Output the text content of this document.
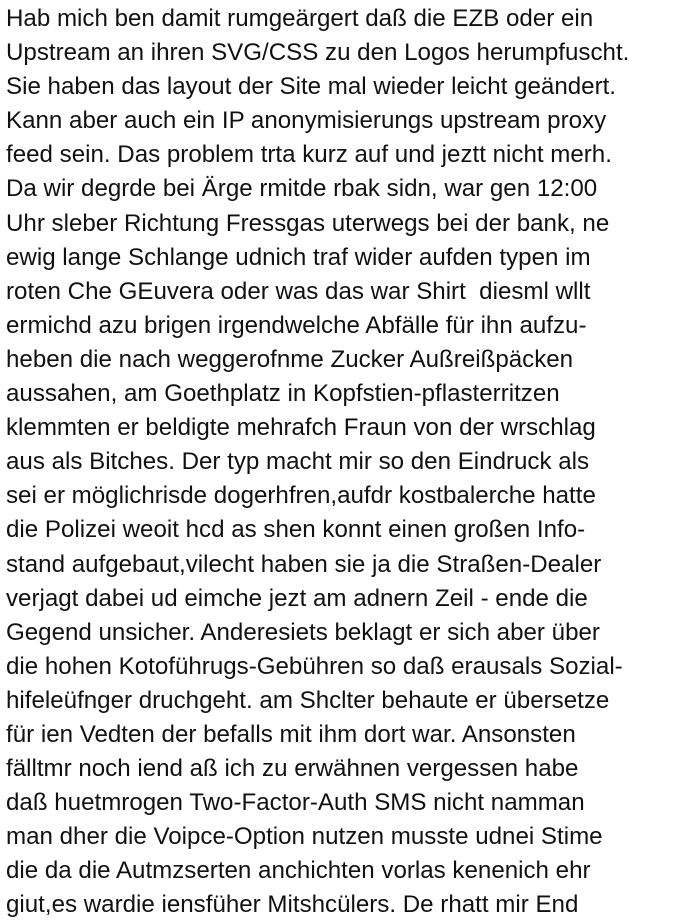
Hab mich ben damit rumgeärgert daß die EZB oder ein
Upstream an ihren SVG/CSS zu den Logos herumpfuscht.
Sie haben das layout der Site mal wieder leicht geändert.
Kann aber auch ein IP anonymisierungs upstream proxy
feed sein. Das problem trta kurz auf und jeztt nicht merh.
Da wir degrde bei Ärge rmitde rbak sidn, war gen 12:00
Uhr sleber Richtung Fressgas uterwegs bei der bank, ne
ewig lange Schlange udnich traf wider aufden typen im
roten Che GEuvera oder was das war Shirt  diesml wllt
ermichd azu brigen irgendwelche Abfälle für ihn aufzu-
heben die nach weggerofnme Zucker Außreißpäcken
aussahen, am Goethplatz in Kopfstien-pflasterritzen
klemmten er beldigte mehrafch Fraun von der wrschlag
aus als Bitches. Der typ macht mir so den Eindruck als
sei er möglichrisde dogerhfren,aufdr kostbalerche hatte
die Polizei weoit hcd as shen konnt einen großen Info-
stand aufgebaut,vilecht haben sie ja die Straßen-Dealer
verjagt dabei ud eimche jezt am adnern Zeil - ende die
Gegend unsicher. Anderesiets beklagt er sich aber über
die hohen Kotoführugs-Gebühren so daß erausals Sozial-
hifeleüfnger druchgeht. am Shclter behaute er übersetze
für ien Vedten der befalls mit ihm dort war. Ansonsten
fälltmr noch iend aß ich zu erwähnen vergessen habe
daß huetmrogen Two-Factor-Auth SMS nicht namman
man dher die Voipce-Option nutzen musste udnei Stime
die da die Autmzserten anchichten vorlas kenenich ehr
giut,es wardie iensfüher Mitshcülers. De rhatt mir End
